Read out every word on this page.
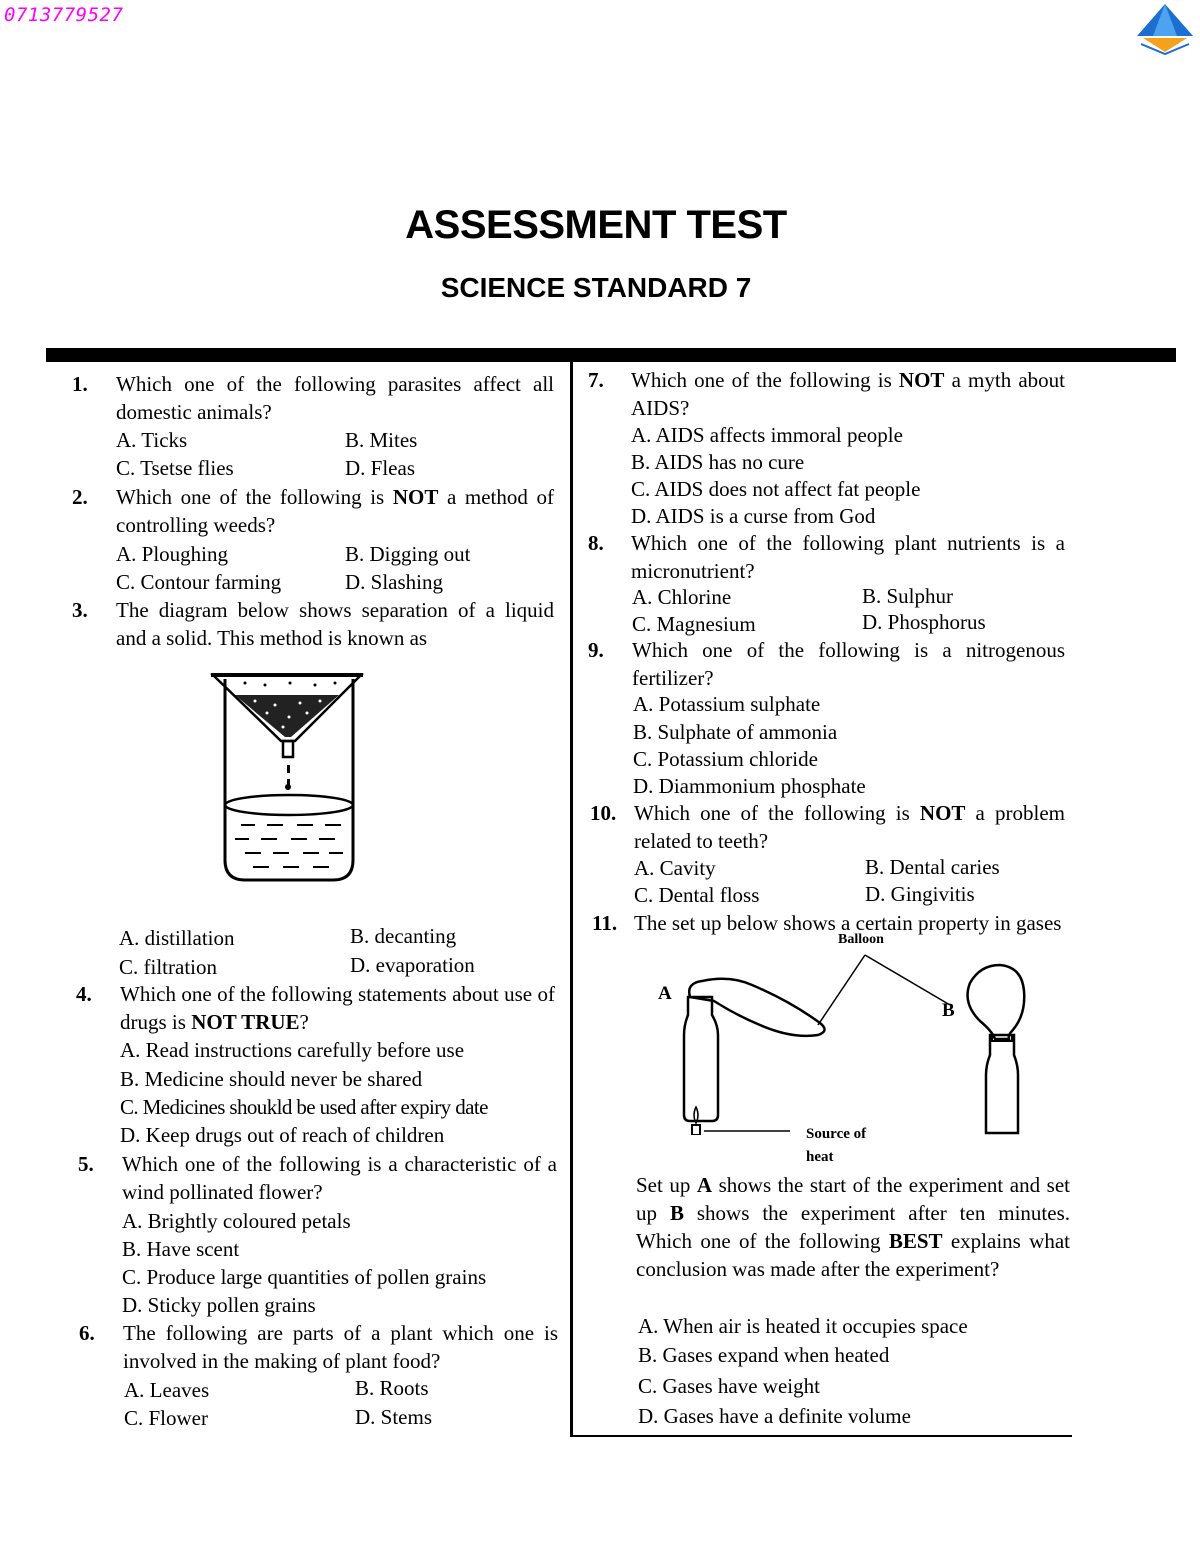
0713779527
ASSESSMENT TEST
SCIENCE STANDARD 7
1. Which one of the following parasites affect all domestic animals?
A. Ticks	B. Mites
C. Tsetse flies	D. Fleas
2. Which one of the following is NOT a method of controlling weeds?
A. Ploughing	B. Digging out
C. Contour farming	D. Slashing
3. The diagram below shows separation of a liquid and a solid. This method is known as
A. distillation	B. decanting
C. filtration	D. evaporation
4. Which one of the following statements about use of drugs is NOT TRUE?
A. Read instructions carefully before use
B. Medicine should never be shared
C. Medicines shoukld be used after expiry date
D. Keep drugs out of reach of children
5. Which one of the following is a characteristic of a wind pollinated flower?
A. Brightly coloured petals
B. Have scent
C. Produce large quantities of pollen grains
D. Sticky pollen grains
6. The following are parts of a plant which one is involved in the making of plant food?
A. Leaves	B. Roots
C. Flower	D. Stems
7. Which one of the following is NOT a myth about AIDS?
A. AIDS affects immoral people
B. AIDS has no cure
C. AIDS does not affect fat people
D. AIDS is a curse from God
8. Which one of the following plant nutrients is a micronutrient?
A. Chlorine	B. Sulphur
C. Magnesium	D. Phosphorus
9. Which one of the following is a nitrogenous fertilizer?
A. Potassium sulphate
B. Sulphate of ammonia
C. Potassium chloride
D. Diammonium phosphate
10. Which one of the following is NOT a problem related to teeth?
A. Cavity	B. Dental caries
C. Dental floss	D. Gingivitis
11. The set up below shows a certain property in gases
A
B
Balloon
Source of
heat
Set up A shows the start of the experiment and set up B shows the experiment after ten minutes. Which one of the following BEST explains what conclusion was made after the experiment?
A. When air is heated it occupies space
B. Gases expand when heated
C. Gases have weight
D. Gases have a definite volume
